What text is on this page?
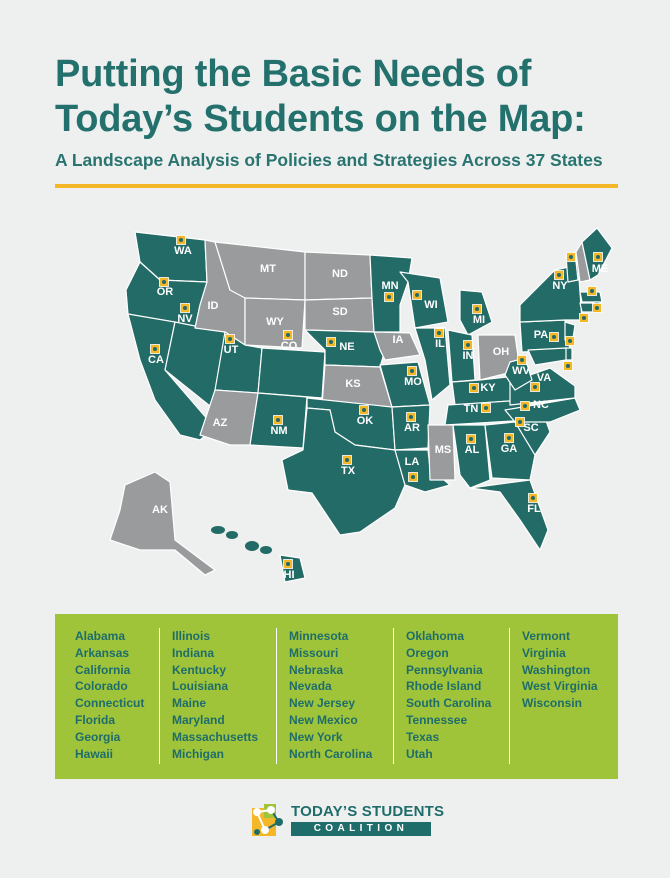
Putting the Basic Needs of
Today’s Students on the Map:

A Landscape Analysis of Policies and Strategies Across 37 States

WA
OR
CA
NV
ID
MT
WY
UT	CO
AZ
NM
ND
SD
NE
KS
OK
TX
MN
IA
MO
AR
LA
WI
IL
MI
IN OH
KY
TN
MS AL GA
FL
SC
NC
VA
WV
PA
NY
ME
AK
HI
Alabama
Arkansas
California
Colorado
Connecticut
Florida
Georgia
Hawaii
Illinois
Indiana
Kentucky
Louisiana
Maine
Maryland
Massachusetts
Michigan
Minnesota
Missouri
Nebraska
Nevada
New Jersey
New Mexico
New York
North Carolina
Oklahoma
Oregon
Pennsylvania
Rhode Island
South Carolina
Tennessee
Texas
Utah
Vermont
Virginia
Washington
West Virginia
Wisconsin
TODAY’S STUDENTS
COALITION
